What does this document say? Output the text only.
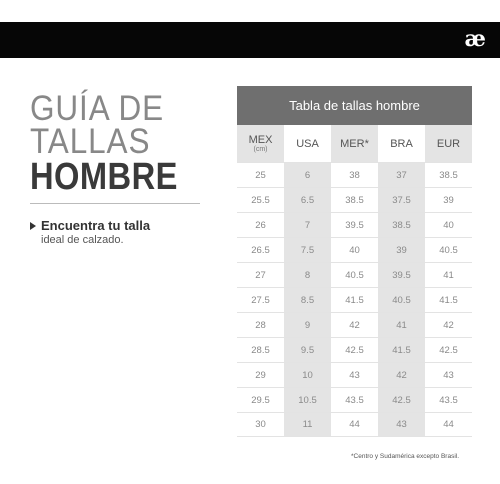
æ
GUÍA DE
TALLAS
HOMBRE
Encuentra tu talla
ideal de calzado.
Tabla de tallas hombre
MEX
(cm)	USA MER* BRA EUR
25	6	38	37	38.5
25.5	6.5	38.5	37.5	39
26	7	39.5	38.5	40
26.5	7.5	40	39	40.5
27	8	40.5	39.5	41
27.5	8.5	41.5	40.5	41.5
28	9	42	41	42
28.5	9.5	42.5	41.5	42.5
29	10	43	42	43
29.5	10.5	43.5	42.5	43.5
30	11	44	43	44
*Centro y Sudamérica excepto Brasil.
